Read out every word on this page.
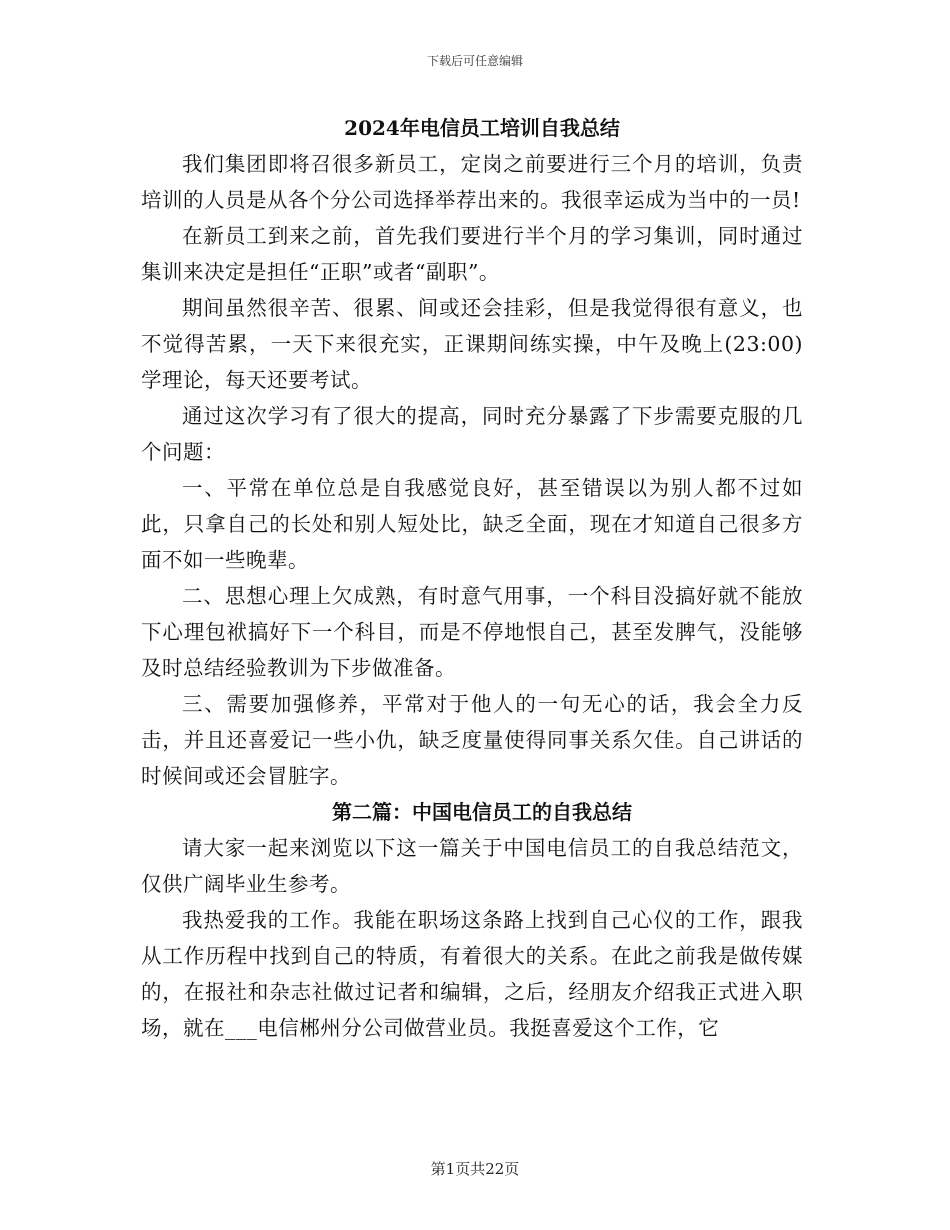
下载后可任意编辑
2024年电信员工培训自我总结

我们集团即将召很多新员工，定岗之前要进行三个月的培训，负责培训的人员是从各个分公司选择举荐出来的。我很幸运成为当中的一员!

在新员工到来之前，首先我们要进行半个月的学习集训，同时通过集训来决定是担任“正职”或者“副职”。

期间虽然很辛苦、很累、间或还会挂彩，但是我觉得很有意义，也不觉得苦累，一天下来很充实，正课期间练实操，中午及晚上(23:00)学理论，每天还要考试。

通过这次学习有了很大的提高，同时充分暴露了下步需要克服的几个问题：

一、平常在单位总是自我感觉良好，甚至错误以为别人都不过如此，只拿自己的长处和别人短处比，缺乏全面，现在才知道自己很多方面不如一些晚辈。

二、思想心理上欠成熟，有时意气用事，一个科目没搞好就不能放下心理包袱搞好下一个科目，而是不停地恨自己，甚至发脾气，没能够及时总结经验教训为下步做准备。

三、需要加强修养，平常对于他人的一句无心的话，我会全力反击，并且还喜爱记一些小仇，缺乏度量使得同事关系欠佳。自己讲话的时候间或还会冒脏字。

第二篇：中国电信员工的自我总结

请大家一起来浏览以下这一篇关于中国电信员工的自我总结范文，仅供广阔毕业生参考。

我热爱我的工作。我能在职场这条路上找到自己心仪的工作，跟我从工作历程中找到自己的特质，有着很大的关系。在此之前我是做传媒的，在报社和杂志社做过记者和编辑，之后，经朋友介绍我正式进入职场，就在___电信郴州分公司做营业员。我挺喜爱这个工作，它

第1页共22页
